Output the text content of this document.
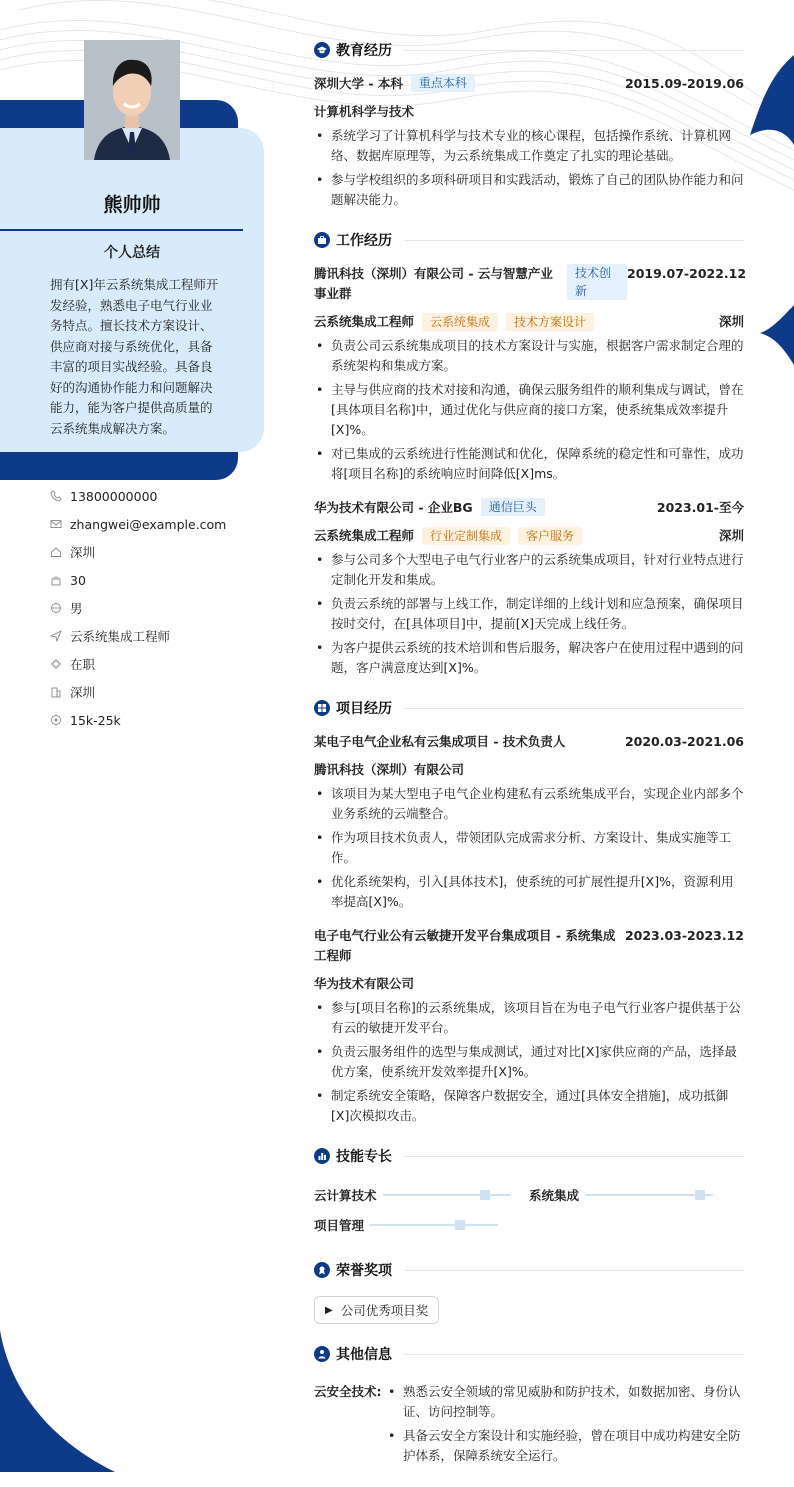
熊帅帅
个人总结
拥有[X]年云系统集成工程师开发经验，熟悉电子电气行业业务特点。擅长技术方案设计、供应商对接与系统优化，具备丰富的项目实战经验。具备良好的沟通协作能力和问题解决能力，能为客户提供高质量的云系统集成解决方案。
13800000000
zhangwei@example.com
深圳
30
男
云系统集成工程师
在职
深圳
15k-25k
教育经历
深圳大学 - 本科	重点本科	2015.09-2019.06
计算机科学与技术
• 系统学习了计算机科学与技术专业的核心课程，包括操作系统、计算机网络、数据库原理等，为云系统集成工作奠定了扎实的理论基础。
• 参与学校组织的多项科研项目和实践活动，锻炼了自己的团队协作能力和问题解决能力。
工作经历
腾讯科技（深圳）有限公司 - 云与智慧产业事业群
技术创新
2019.07-2022.12
云系统集成工程师 云系统集成 技术方案设计	深圳
• 负责公司云系统集成项目的技术方案设计与实施，根据客户需求制定合理的系统架构和集成方案。
• 主导与供应商的技术对接和沟通，确保云服务组件的顺利集成与调试，曾在[具体项目名称]中，通过优化与供应商的接口方案，使系统集成效率提升[X]%。
• 对已集成的云系统进行性能测试和优化，保障系统的稳定性和可靠性，成功将[项目名称]的系统响应时间降低[X]ms。
华为技术有限公司 - 企业BG	通信巨头	2023.01-至今
云系统集成工程师 行业定制集成 客户服务	深圳
• 参与公司多个大型电子电气行业客户的云系统集成项目，针对行业特点进行定制化开发和集成。
• 负责云系统的部署与上线工作，制定详细的上线计划和应急预案，确保项目按时交付，在[具体项目]中，提前[X]天完成上线任务。
• 为客户提供云系统的技术培训和售后服务，解决客户在使用过程中遇到的问题，客户满意度达到[X]%。
项目经历
某电子电气企业私有云集成项目 - 技术负责人	2020.03-2021.06
腾讯科技（深圳）有限公司
• 该项目为某大型电子电气企业构建私有云系统集成平台，实现企业内部多个业务系统的云端整合。
• 作为项目技术负责人，带领团队完成需求分析、方案设计、集成实施等工作。
• 优化系统架构，引入[具体技术]，使系统的可扩展性提升[X]%，资源利用率提高[X]%。
电子电气行业公有云敏捷开发平台集成项目 - 系统集成工程师
2023.03-2023.12
华为技术有限公司
• 参与[项目名称]的云系统集成，该项目旨在为电子电气行业客户提供基于公有云的敏捷开发平台。
• 负责云服务组件的选型与集成测试，通过对比[X]家供应商的产品，选择最优方案，使系统开发效率提升[X]%。
• 制定系统安全策略，保障客户数据安全，通过[具体安全措施]，成功抵御[X]次模拟攻击。
技能专长
云计算技术	系统集成
项目管理
荣誉奖项
▶ 公司优秀项目奖
其他信息
云安全技术:
•	熟悉云安全领域的常见威胁和防护技术，如数据加密、身份认证、访问控制等。
• 具备云安全方案设计和实施经验，曾在项目中成功构建安全防护体系，保障系统安全运行。
